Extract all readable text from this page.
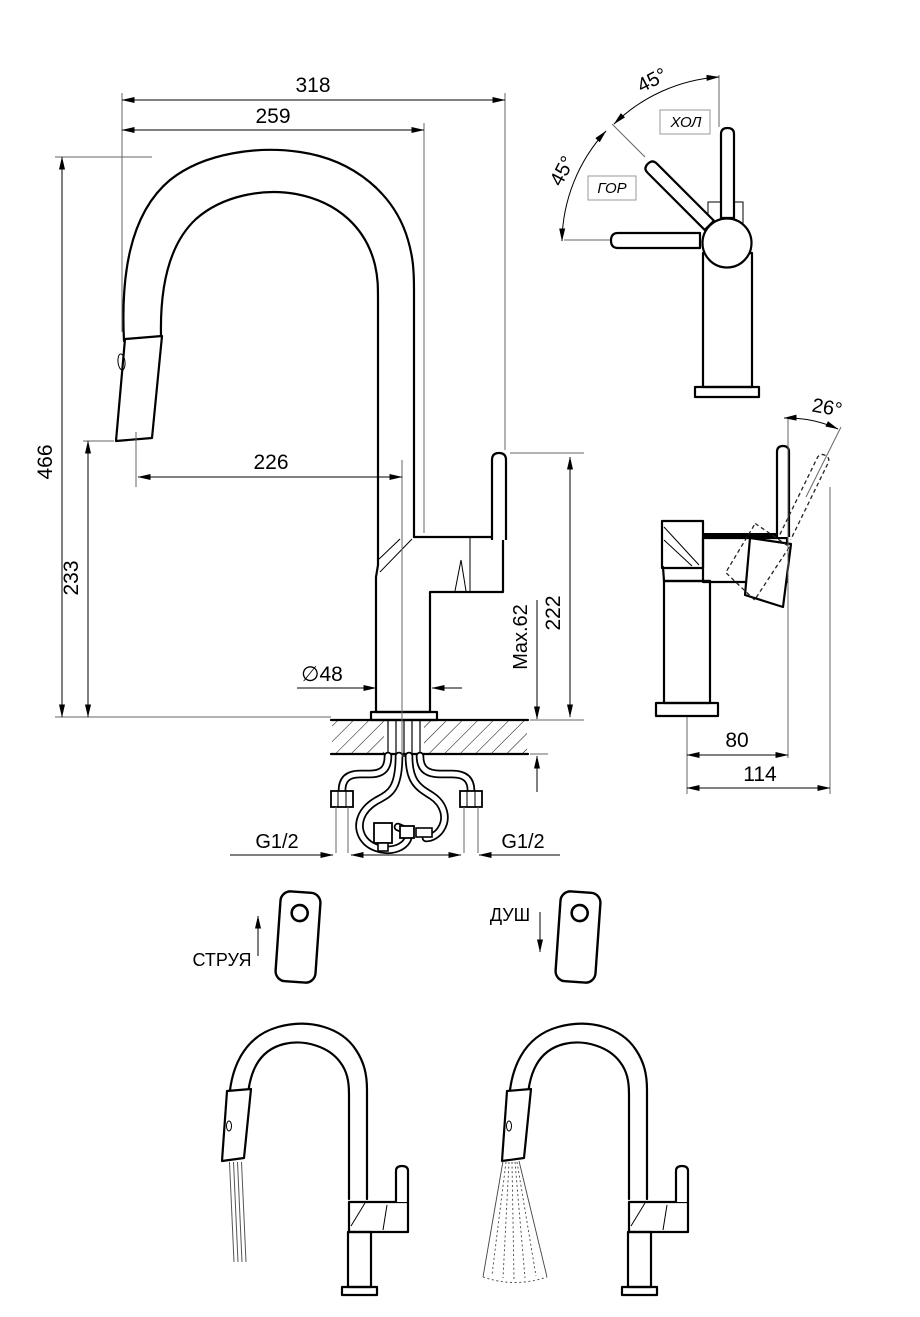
318
259
466
233
226
∅48
Max.62 222
G1/2	G1/2
45°
45°
ХОЛ
ГОР
26°
80
114
СТРУЯ
ДУШ
